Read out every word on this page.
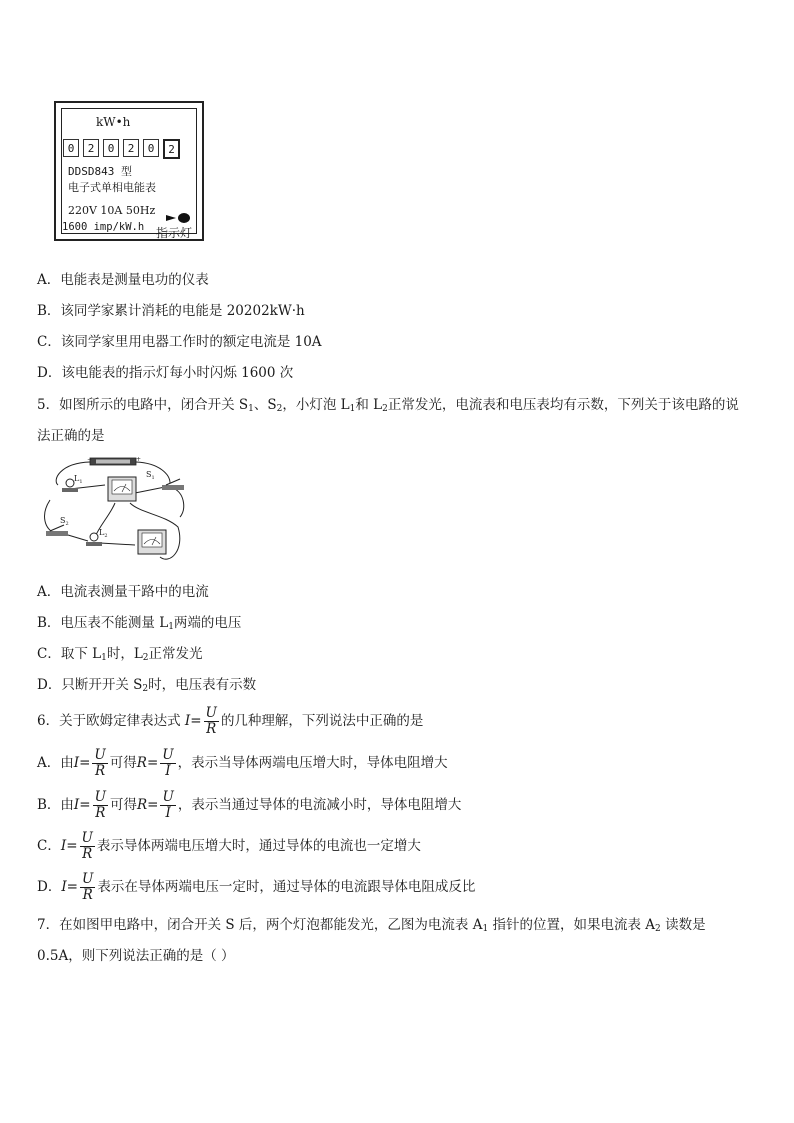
kW•h
0	2	0	2	0	2
DDSD843 型
电子式单相电能表
220V 10A 50Hz
1600 imp/kW.h 指示灯
A．电能表是测量电功的仪表
B．该同学家累计消耗的电能是 20202kW·h
C．该同学家里用电器工作时的额定电流是 10A
D．该电能表的指示灯每小时闪烁 1600 次
5．如图所示的电路中，闭合开关 $S_1$、$S_2$，小灯泡 $L_1$和 $L_2$正常发光，电流表和电压表均有示数，下列关于该电路的说
法正确的是
−	+
$S_1$
$L_1$
$S_2$
$L_2$
A．电流表测量干路中的电流
B．电压表不能测量 $L_1$两端的电压
C．取下 $L_1$时，$L_2$正常发光
D．只断开开关 $S_2$时，电压表有示数
6．关于欧姆定律表达式 $I= \frac{U}{R}$ 的几种理解，下列说法中正确的是
A．由$I= \frac{U}{R}$ 可得$R= \frac{U}{I}$ ，表示当导体两端电压增大时，导体电阻增大
B．由$I= \frac{U}{R}$ 可得$R= \frac{U}{I}$ ，表示当通过导体的电流减小时，导体电阻增大
C．$I= \frac{U}{R}$ 表示导体两端电压增大时，通过导体的电流也一定增大
D．$I= \frac{U}{R}$ 表示在导体两端电压一定时，通过导体的电流跟导体电阻成反比
7．在如图甲电路中，闭合开关 S 后，两个灯泡都能发光，乙图为电流表 $A_1$ 指针的位置，如果电流表 $A_2$ 读数是
0.5A，则下列说法正确的是（ ）
